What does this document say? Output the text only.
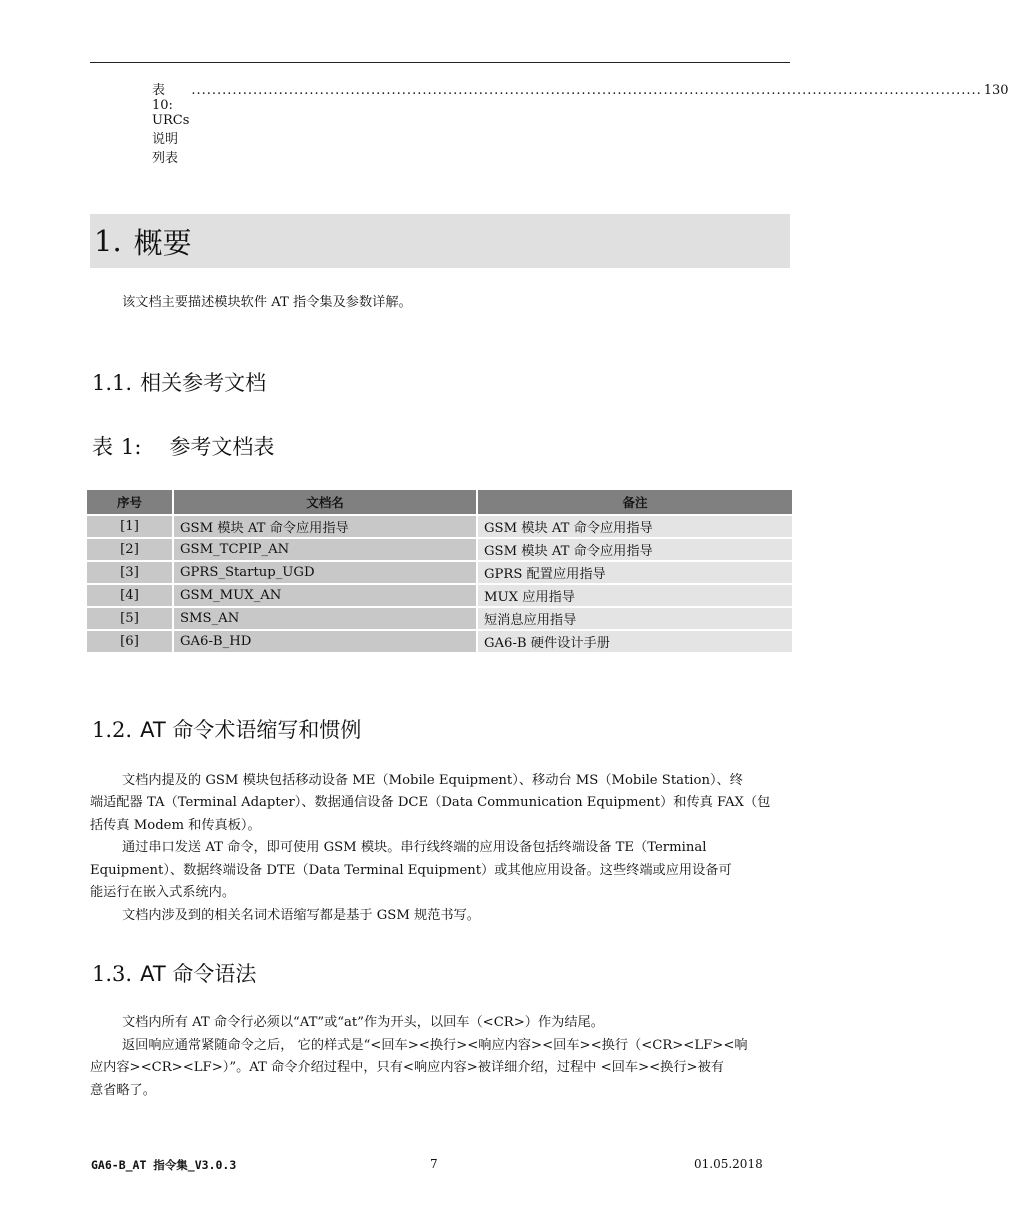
表 10: URCs 说明列表
.......................................................................................................................................................... 130
1. 概要
该文档主要描述模块软件 AT 指令集及参数详解。
1.1. 相关参考文档
表 1: 参考文档表
序号	文档名	备注
[1]	GSM 模块 AT 命令应用指导	GSM 模块 AT 命令应用指导
[2]	GSM_TCPIP_AN	GSM 模块 AT 命令应用指导
[3]	GPRS_Startup_UGD	GPRS 配置应用指导
[4]	GSM_MUX_AN	MUX 应用指导
[5]	SMS_AN	短消息应用指导
[6]	GA6-B_HD	GA6-B 硬件设计手册
1.2. AT 命令术语缩写和惯例
文档内提及的 GSM 模块包括移动设备 ME（Mobile Equipment）、移动台 MS（Mobile Station）、终
端适配器 TA（Terminal Adapter）、数据通信设备 DCE（Data Communication Equipment）和传真 FAX（包
括传真 Modem 和传真板）。
通过串口发送 AT 命令，即可使用 GSM 模块。串行线终端的应用设备包括终端设备 TE（Terminal
Equipment）、数据终端设备 DTE（Data Terminal Equipment）或其他应用设备。这些终端或应用设备可
能运行在嵌入式系统内。
文档内涉及到的相关名词术语缩写都是基于 GSM 规范书写。
1.3. AT 命令语法
文档内所有 AT 命令行必须以“AT”或“at”作为开头，以回车（<CR>）作为结尾。
返回响应通常紧随命令之后， 它的样式是“<回车><换行><响应内容><回车><换行（<CR><LF><响
应内容><CR><LF>）”。AT 命令介绍过程中，只有<响应内容>被详细介绍，过程中 <回车><换行>被有
意省略了。
GA6-B_AT 指令集_V3.0.3	7	01.05.2018
